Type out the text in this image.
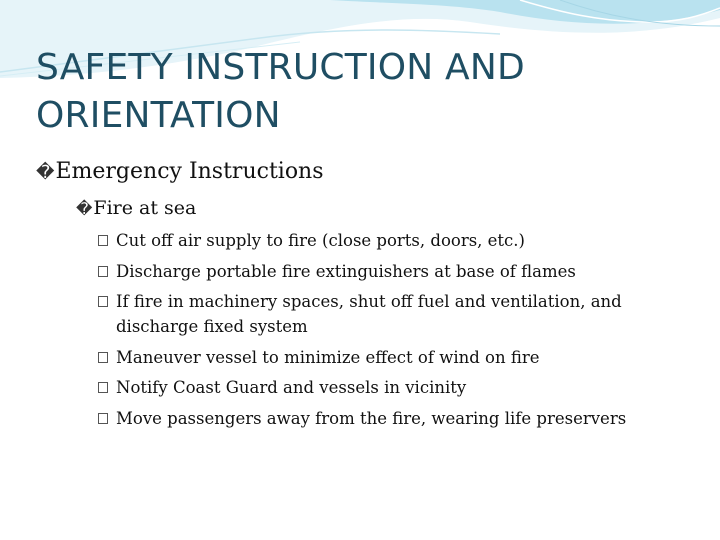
SAFETY INSTRUCTION AND ORIENTATION
�Emergency Instructions
�Fire at sea
Cut off air supply to fire (close ports, doors, etc.)
Discharge portable fire extinguishers at base of flames
If fire in machinery spaces, shut off fuel and ventilation, and discharge fixed system
Maneuver vessel to minimize effect of wind on fire
Notify Coast Guard and vessels in vicinity
Move passengers away from the fire, wearing life preservers
